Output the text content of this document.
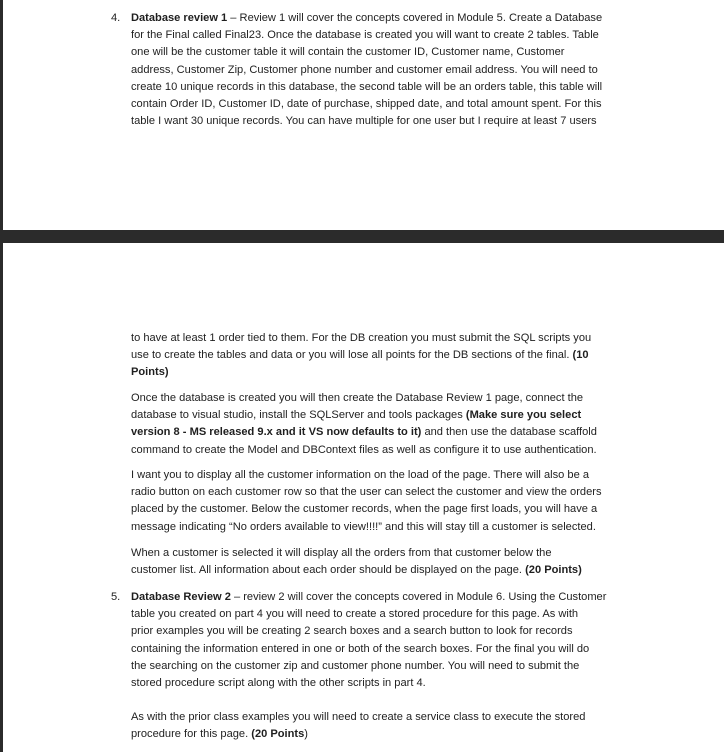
4. Database review 1 – Review 1 will cover the concepts covered in Module 5. Create a Database
for the Final called Final23. Once the database is created you will want to create 2 tables. Table
one will be the customer table it will contain the customer ID, Customer name, Customer
address, Customer Zip, Customer phone number and customer email address. You will need to
create 10 unique records in this database, the second table will be an orders table, this table will
contain Order ID, Customer ID, date of purchase, shipped date, and total amount spent. For this
table I want 30 unique records. You can have multiple for one user but I require at least 7 users

to have at least 1 order tied to them. For the DB creation you must submit the SQL scripts you
use to create the tables and data or you will lose all points for the DB sections of the final. (10
Points)

Once the database is created you will then create the Database Review 1 page, connect the
database to visual studio, install the SQLServer and tools packages (Make sure you select
version 8 - MS released 9.x and it VS now defaults to it) and then use the database scaffold
command to create the Model and DBContext files as well as configure it to use authentication.

I want you to display all the customer information on the load of the page. There will also be a
radio button on each customer row so that the user can select the customer and view the orders
placed by the customer. Below the customer records, when the page first loads, you will have a
message indicating “No orders available to view!!!!” and this will stay till a customer is selected.

When a customer is selected it will display all the orders from that customer below the
customer list. All information about each order should be displayed on the page. (20 Points)

5. Database Review 2 – review 2 will cover the concepts covered in Module 6. Using the Customer
table you created on part 4 you will need to create a stored procedure for this page. As with
prior examples you will be creating 2 search boxes and a search button to look for records
containing the information entered in one or both of the search boxes. For the final you will do
the searching on the customer zip and customer phone number. You will need to submit the
stored procedure script along with the other scripts in part 4.

As with the prior class examples you will need to create a service class to execute the stored
procedure for this page. (20 Points)
